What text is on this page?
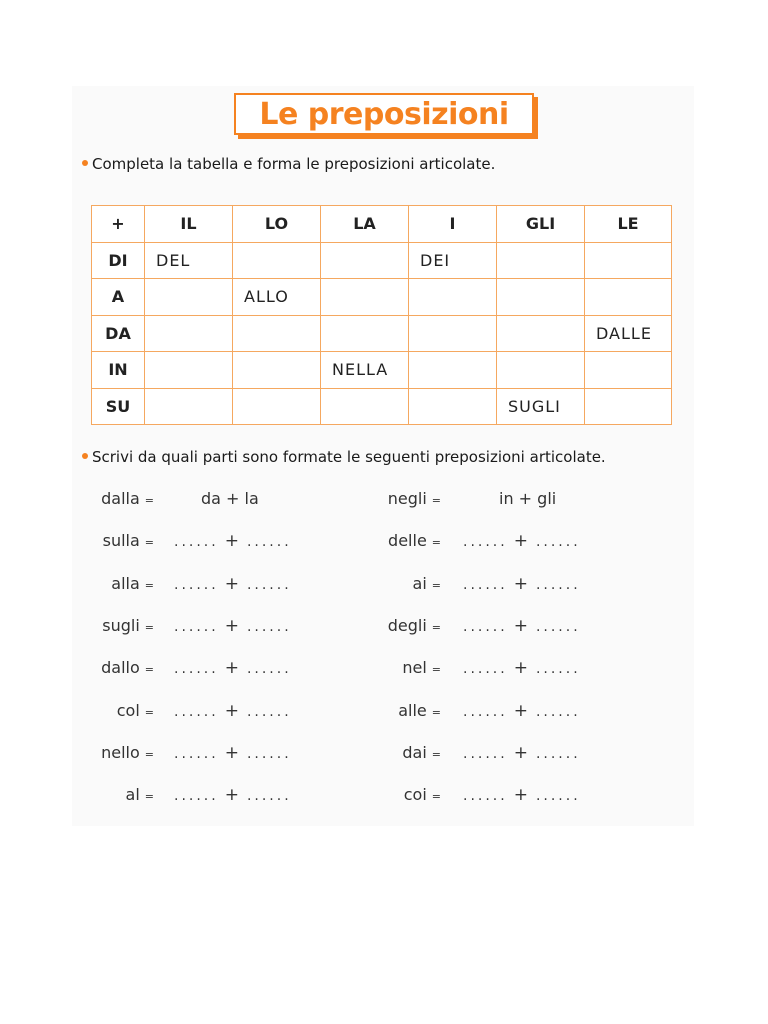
Le preposizioni
Completa la tabella e forma le preposizioni articolate.
+	IL	LO	LA	I	GLI	LE
DI	DEL			DEI		
A		ALLO				
DA						DALLE
IN			NELLA			
SU					SUGLI	
Scrivi da quali parti sono formate le seguenti preposizioni articolate.
dalla =	da + la
sulla = ...... + ......
alla = ...... + ......
sugli = ...... + ......
dallo = ...... + ......
col = ...... + ......
nello = ...... + ......
al = ...... + ......
negli =	in + gli
delle = ...... + ......
ai = ...... + ......
degli = ...... + ......
nel = ...... + ......
alle = ...... + ......
dai = ...... + ......
coi = ...... + ......
